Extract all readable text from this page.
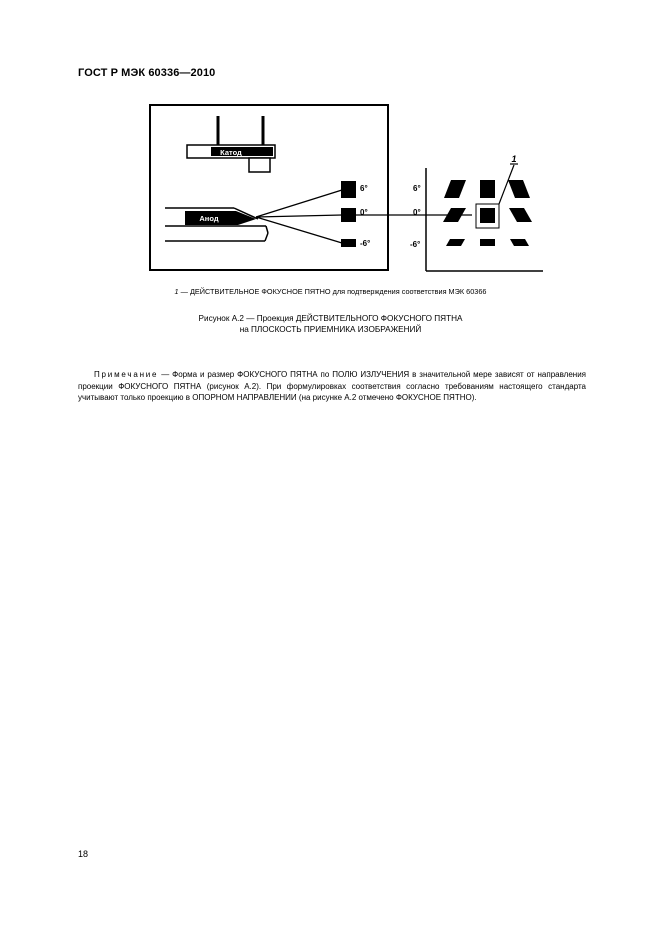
ГОСТ Р МЭК 60336—2010
Катод
Анод
6°
0°
-6°
1
6°
0°
-6°
1 — ДЕЙСТВИТЕЛЬНОЕ ФОКУСНОЕ ПЯТНО для подтверждения соответствия МЭК 60366
Рисунок А.2 — Проекция ДЕЙСТВИТЕЛЬНОГО ФОКУСНОГО ПЯТНА
на ПЛОСКОСТЬ ПРИЕМНИКА ИЗОБРАЖЕНИЙ

Примечание — Форма и размер ФОКУСНОГО ПЯТНА по ПОЛЮ ИЗЛУЧЕНИЯ в значительной мере зависят от направления проекции ФОКУСНОГО ПЯТНА (рисунок А.2). При формулировках соответствия согласно требованиям настоящего стандарта учитывают только проекцию в ОПОРНОМ НАПРАВЛЕНИИ (на рисунке А.2 отмечено ФОКУСНОЕ ПЯТНО).

18
